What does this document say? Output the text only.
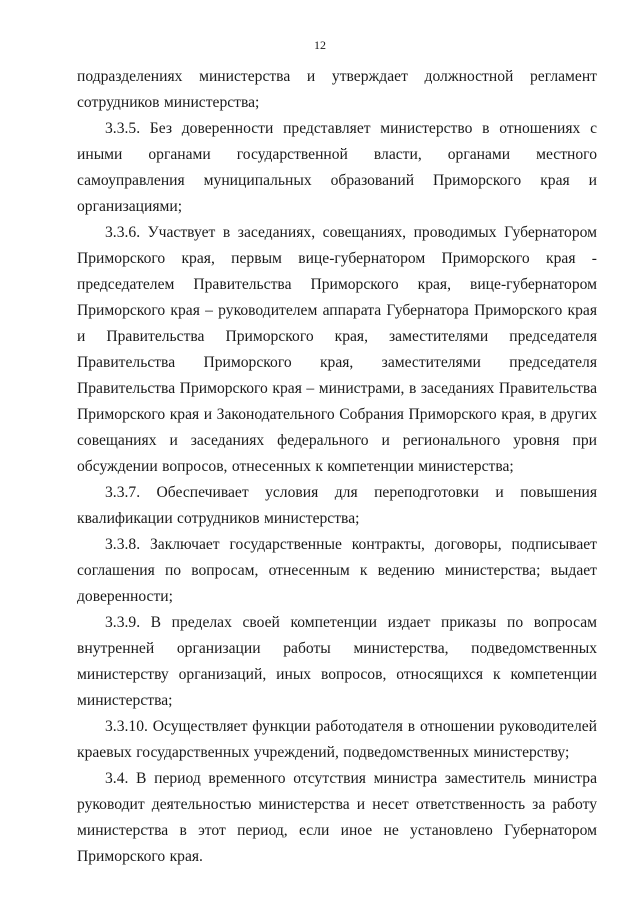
12

подразделениях министерства и утверждает должностной регламент сотрудников министерства;

3.3.5. Без доверенности представляет министерство в отношениях с иными органами государственной власти, органами местного самоуправления муниципальных образований Приморского края и организациями;

3.3.6. Участвует в заседаниях, совещаниях, проводимых Губернатором Приморского края, первым вице-губернатором Приморского края - председателем Правительства Приморского края, вице-губернатором Приморского края – руководителем аппарата Губернатора Приморского края и Правительства Приморского края, заместителями председателя Правительства Приморского края, заместителями председателя Правительства Приморского края – министрами, в заседаниях Правительства Приморского края и Законодательного Собрания Приморского края, в других совещаниях и заседаниях федерального и регионального уровня при обсуждении вопросов, отнесенных к компетенции министерства;

3.3.7. Обеспечивает условия для переподготовки и повышения квалификации сотрудников министерства;

3.3.8. Заключает государственные контракты, договоры, подписывает соглашения по вопросам, отнесенным к ведению министерства; выдает доверенности;

3.3.9. В пределах своей компетенции издает приказы по вопросам внутренней организации работы министерства, подведомственных министерству организаций, иных вопросов, относящихся к компетенции министерства;

3.3.10. Осуществляет функции работодателя в отношении руководителей краевых государственных учреждений, подведомственных министерству;

3.4. В период временного отсутствия министра заместитель министра руководит деятельностью министерства и несет ответственность за работу министерства в этот период, если иное не установлено Губернатором Приморского края.
